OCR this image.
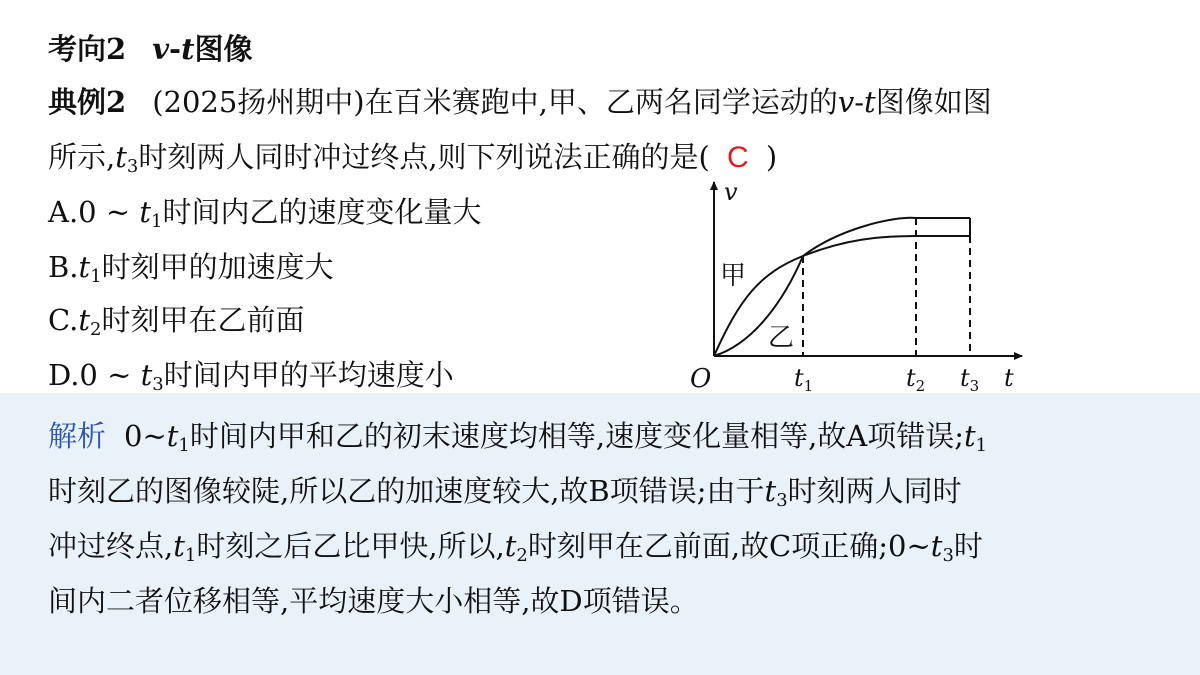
考向2 v-t图像
典例2 (2025扬州期中)在百米赛跑中,甲、乙两名同学运动的v-t图像如图
所示$,t_3$时刻两人同时冲过终点,则下列说法正确的是( C )
A.0 ~ $t_1$时间内乙的速度变化量大
$B.t_1$时刻甲的加速度大
$C.t_2$时刻甲在乙前面
D.0 ~ $t_3$时间内甲的平均速度小
v
t
O
甲
乙
$t_1$	$t_2$ $t_3$
解析 $0\sim t_1$时间内甲和乙的初末速度均相等,速度变化量相等,故A项错误$;t_1$
时刻乙的图像较陡,所以乙的加速度较大,故B项错误;由于$t_3$时刻两人同时
冲过终点$,t_1$时刻之后乙比甲快,所以$,t_2$时刻甲在乙前面,故C项正确$;0\sim t_3$时
间内二者位移相等,平均速度大小相等,故D项错误。
